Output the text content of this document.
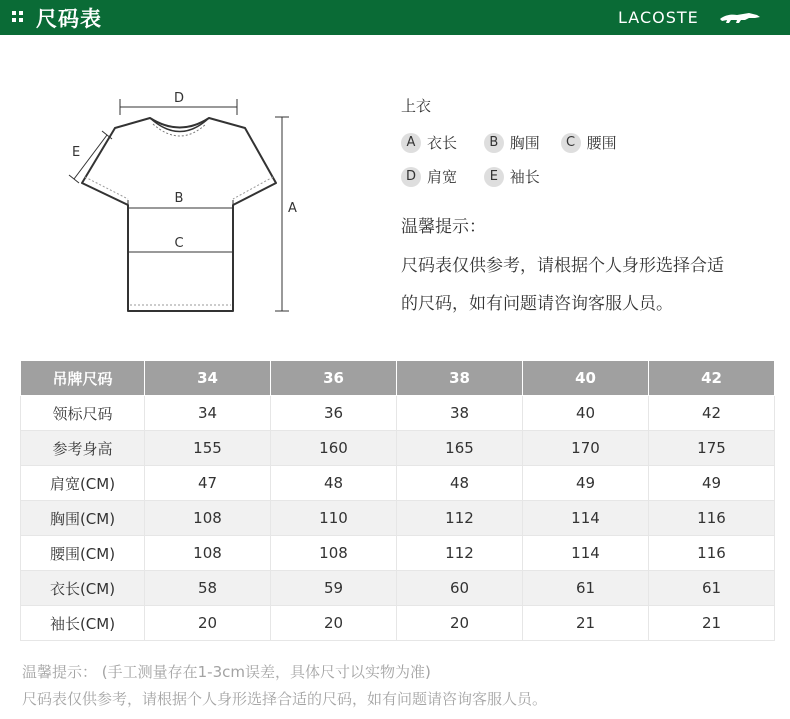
尺码表	LACOSTE
D
A
E
B
C
上衣
A 衣长 B 胸围 C 腰围
D 肩宽	E 袖长
温馨提示：
尺码表仅供参考，请根据个人身形选择合适
的尺码，如有问题请咨询客服人员。
吊牌尺码	34	36	38	40	42
领标尺码	34	36	38	40	42
参考身高	155	160	165	170	175
肩宽(CM)	47	48	48	49	49
胸围(CM)	108	110	112	114	116
腰围(CM)	108	108	112	114	116
衣长(CM)	58	59	60	61	61
袖长(CM)	20	20	20	21	21
温馨提示： (手工测量存在1-3cm误差，具体尺寸以实物为准)
尺码表仅供参考，请根据个人身形选择合适的尺码，如有问题请咨询客服人员。
